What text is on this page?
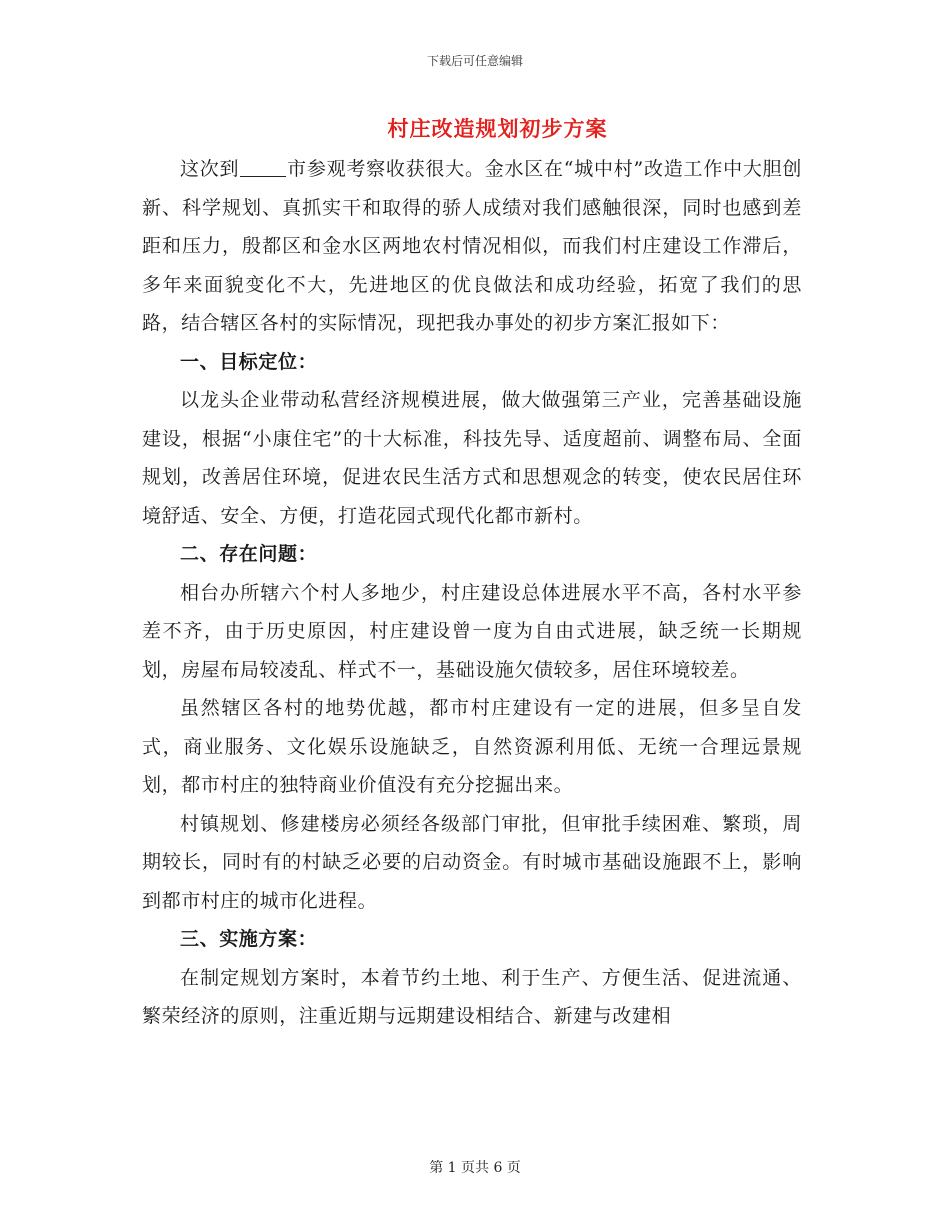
下载后可任意编辑
村庄改造规划初步方案

这次到	市参观考察收获很大。金水区在“城中村”改造工作中大胆创新、科学规划、真抓实干和取得的骄人成绩对我们感触很深，同时也感到差距和压力，殷都区和金水区两地农村情况相似，而我们村庄建设工作滞后，多年来面貌变化不大，先进地区的优良做法和成功经验，拓宽了我们的思路，结合辖区各村的实际情况，现把我办事处的初步方案汇报如下：

一、目标定位：

以龙头企业带动私营经济规模进展，做大做强第三产业，完善基础设施建设，根据“小康住宅”的十大标准，科技先导、适度超前、调整布局、全面规划，改善居住环境，促进农民生活方式和思想观念的转变，使农民居住环境舒适、安全、方便，打造花园式现代化都市新村。

二、存在问题：

相台办所辖六个村人多地少，村庄建设总体进展水平不高，各村水平参差不齐，由于历史原因，村庄建设曾一度为自由式进展，缺乏统一长期规划，房屋布局较凌乱、样式不一，基础设施欠债较多，居住环境较差。

虽然辖区各村的地势优越，都市村庄建设有一定的进展，但多呈自发式，商业服务、文化娱乐设施缺乏，自然资源利用低、无统一合理远景规划，都市村庄的独特商业价值没有充分挖掘出来。

村镇规划、修建楼房必须经各级部门审批，但审批手续困难、繁琐，周期较长，同时有的村缺乏必要的启动资金。有时城市基础设施跟不上，影响到都市村庄的城市化进程。

三、实施方案：

在制定规划方案时，本着节约土地、利于生产、方便生活、促进流通、繁荣经济的原则，注重近期与远期建设相结合、新建与改建相

第 1 页共 6 页
